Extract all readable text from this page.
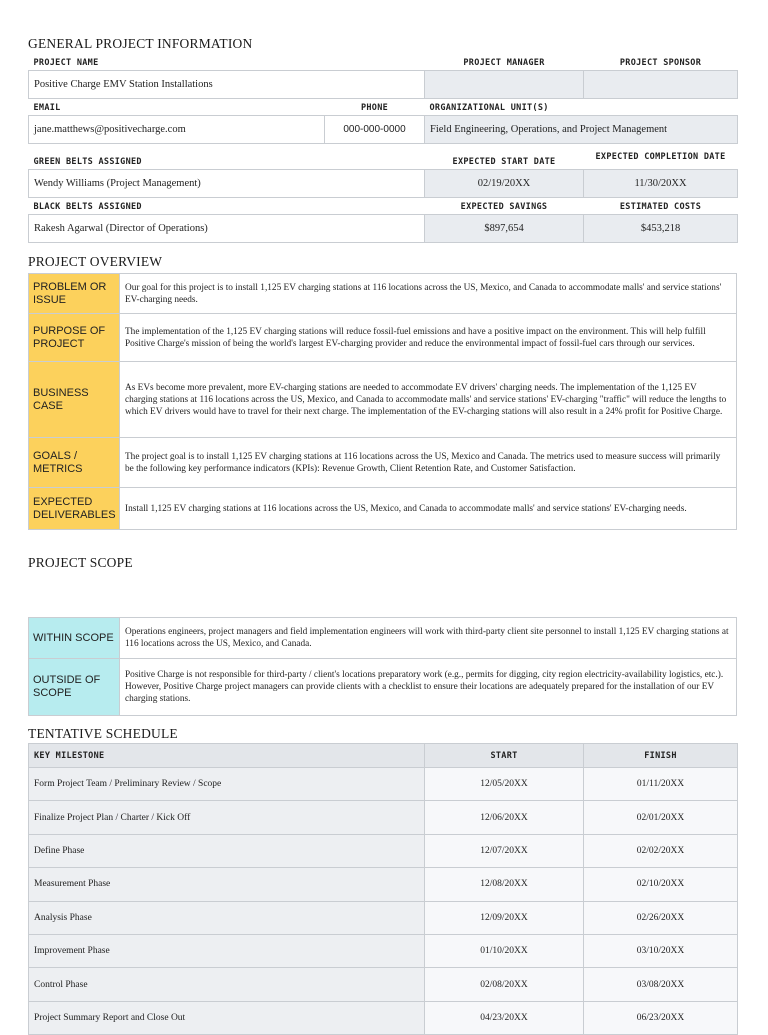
GENERAL PROJECT INFORMATION
PROJECT NAME	PROJECT MANAGER	PROJECT SPONSOR
Positive Charge EMV Station Installations		
EMAIL	PHONE	ORGANIZATIONAL UNIT(S)
jane.matthews@positivecharge.com	000-000-0000	Field Engineering, Operations, and Project Management
GREEN BELTS ASSIGNED	EXPECTED START DATE	EXPECTED COMPLETION DATE
Wendy Williams (Project Management)	02/19/20XX	11/30/20XX
BLACK BELTS ASSIGNED	EXPECTED SAVINGS	ESTIMATED COSTS
Rakesh Agarwal (Director of Operations)	$897,654	$453,218
PROJECT OVERVIEW
PROBLEM OR ISSUE	Our goal for this project is to install 1,125 EV charging stations at 116 locations across the US, Mexico, and Canada to accommodate malls' and service stations' EV-charging needs.
PURPOSE OF PROJECT	The implementation of the 1,125 EV charging stations will reduce fossil-fuel emissions and have a positive impact on the environment. This will help fulfill Positive Charge's mission of being the world's largest EV-charging provider and reduce the environmental impact of fossil-fuel cars through our services.
BUSINESS CASE	As EVs become more prevalent, more EV-charging stations are needed to accommodate EV drivers' charging needs. The implementation of the 1,125 EV charging stations at 116 locations across the US, Mexico, and Canada to accommodate malls' and service stations' EV-charging "traffic" will reduce the lengths to which EV drivers would have to travel for their next charge. The implementation of the EV-charging stations will also result in a 24% profit for Positive Charge.
GOALS / METRICS	The project goal is to install 1,125 EV charging stations at 116 locations across the US, Mexico and Canada. The metrics used to measure success will primarily be the following key performance indicators (KPIs): Revenue Growth, Client Retention Rate, and Customer Satisfaction.
EXPECTED DELIVERABLES	Install 1,125 EV charging stations at 116 locations across the US, Mexico, and Canada to accommodate malls' and service stations' EV-charging needs.
PROJECT SCOPE
WITHIN SCOPE	Operations engineers, project managers and field implementation engineers will work with third-party client site personnel to install 1,125 EV charging stations at 116 locations across the US, Mexico, and Canada.
OUTSIDE OF SCOPE	Positive Charge is not responsible for third-party / client's locations preparatory work (e.g., permits for digging, city region electricity-availability logistics, etc.). However, Positive Charge project managers can provide clients with a checklist to ensure their locations are adequately prepared for the installation of our EV charging stations.
TENTATIVE SCHEDULE
KEY MILESTONE	START	FINISH
Form Project Team / Preliminary Review / Scope	12/05/20XX	01/11/20XX
Finalize Project Plan / Charter / Kick Off	12/06/20XX	02/01/20XX
Define Phase	12/07/20XX	02/02/20XX
Measurement Phase	12/08/20XX	02/10/20XX
Analysis Phase	12/09/20XX	02/26/20XX
Improvement Phase	01/10/20XX	03/10/20XX
Control Phase	02/08/20XX	03/08/20XX
Project Summary Report and Close Out	04/23/20XX	06/23/20XX
